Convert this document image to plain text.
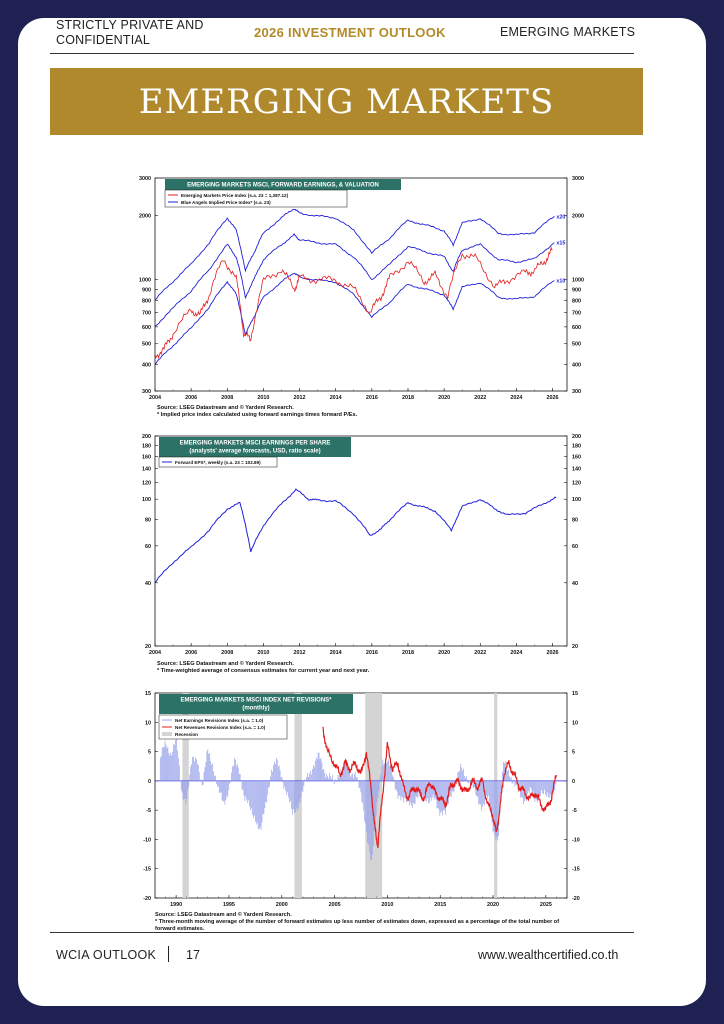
STRICTLY PRIVATE AND CONFIDENTIAL	2026 INVESTMENT OUTLOOK	EMERGING MARKETS
EMERGING MARKETS
3000	3000
2000	2000
1000	1000
900	900
800	800
700	700
600	600
500	500
400	400
300	300
2004	2006	2008	2010	2012	2014	2016	2018	2020	2022	2024	2026
x20
x15
x10
EMERGING MARKETS MSCI, FORWARD EARNINGS, & VALUATION
Emerging Markets Price Index (s.a. 23 = 1,387.12)
Blue Angels Implied Price Index* (s.a. 23)
Source: LSEG Datastream and © Yardeni Research.
* Implied price index calculated using forward earnings times forward P/Es.
200	200
180	180
160	160
140	140
120	120
100	100
80	80
60	60
40	40
20	20
2004	2006	2008	2010	2012	2014	2016	2018	2020	2022	2024	2026
EMERGING MARKETS MSCI EARNINGS PER SHARE
(analysts' average forecasts, USD, ratio scale)
Forward EPS*, weekly (s.a. 23 = 102.89)
Source: LSEG Datastream and © Yardeni Research.
* Time-weighted average of consensus estimates for current year and next year.
15	15
10	10
5	5
0	0
-5	-5
-10	-10
-15	-15
-20	-20
1990	1995	2000	2005	2010	2015	2020	2025
EMERGING MARKETS MSCI INDEX NET REVISIONS*
(monthly)
Net Earnings Revisions Index (s.a. = 1.0)
Net Revenues Revisions Index (s.a. = 1.0)
Recession
Source: LSEG Datastream and © Yardeni Research.
* Three-month moving average of the number of forward estimates up less number of estimates down, expressed as a percentage of the total number of forward estimates.
WCIA OUTLOOK 17	www.wealthcertified.co.th
